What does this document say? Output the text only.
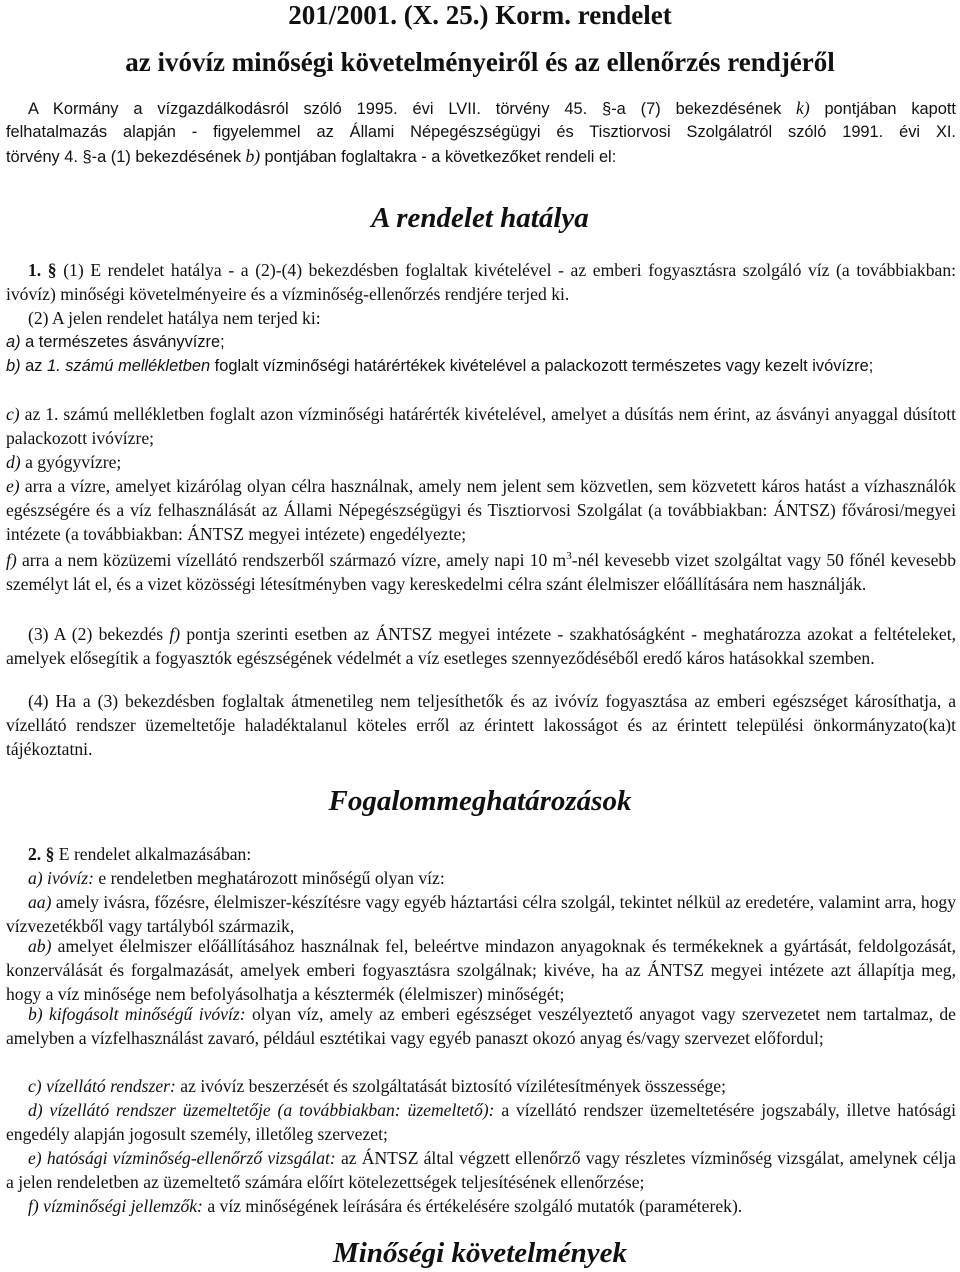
201/2001. (X. 25.) Korm. rendelet
az ivóvíz minőségi követelményeiről és az ellenőrzés rendjéről
A Kormány a vízgazdálkodásról szóló 1995. évi LVII. törvény 45. §-a (7) bekezdésének k) pontjában kapott
felhatalmazás alapján - figyelemmel az Állami Népegészségügyi és Tisztiorvosi Szolgálatról szóló 1991. évi XI.
törvény 4. §-a (1) bekezdésének b) pontjában foglaltakra - a következőket rendeli el:
A rendelet hatálya
1. § (1) E rendelet hatálya - a (2)-(4) bekezdésben foglaltak kivételével - az emberi fogyasztásra szolgáló víz (a továbbiakban: ivóvíz) minőségi követelményeire és a vízminőség-ellenőrzés rendjére terjed ki.
(2) A jelen rendelet hatálya nem terjed ki:
a) a természetes ásványvízre;
b) az 1. számú mellékletben foglalt vízminőségi határértékek kivételével a palackozott természetes vagy kezelt ivóvízre;
c) az 1. számú mellékletben foglalt azon vízminőségi határérték kivételével, amelyet a dúsítás nem érint, az ásványi anyaggal dúsított palackozott ivóvízre;
d) a gyógyvízre;
e) arra a vízre, amelyet kizárólag olyan célra használnak, amely nem jelent sem közvetlen, sem közvetett káros hatást a vízhasználók egészségére és a víz felhasználását az Állami Népegészségügyi és Tisztiorvosi Szolgálat (a továbbiakban: ÁNTSZ) fővárosi/megyei intézete (a továbbiakban: ÁNTSZ megyei intézete) engedélyezte;
f) arra a nem közüzemi vízellátó rendszerből származó vízre, amely napi 10 $m^3$-nél kevesebb vizet szolgáltat vagy 50 főnél kevesebb személyt lát el, és a vizet közösségi létesítményben vagy kereskedelmi célra szánt élelmiszer előállítására nem használják.
(3) A (2) bekezdés f) pontja szerinti esetben az ÁNTSZ megyei intézete - szakhatóságként - meghatározza azokat a feltételeket, amelyek elősegítik a fogyasztók egészségének védelmét a víz esetleges szennyeződéséből eredő káros hatásokkal szemben.
(4) Ha a (3) bekezdésben foglaltak átmenetileg nem teljesíthetők és az ivóvíz fogyasztása az emberi egészséget károsíthatja, a vízellátó rendszer üzemeltetője haladéktalanul köteles erről az érintett lakosságot és az érintett települési önkormányzato(ka)t tájékoztatni.
Fogalommeghatározások
2. § E rendelet alkalmazásában:
a) ivóvíz: e rendeletben meghatározott minőségű olyan víz:
aa) amely ivásra, főzésre, élelmiszer-készítésre vagy egyéb háztartási célra szolgál, tekintet nélkül az eredetére, valamint arra, hogy vízvezetékből vagy tartályból származik,
ab) amelyet élelmiszer előállításához használnak fel, beleértve mindazon anyagoknak és termékeknek a gyártását, feldolgozását, konzerválását és forgalmazását, amelyek emberi fogyasztásra szolgálnak; kivéve, ha az ÁNTSZ megyei intézete azt állapítja meg, hogy a víz minősége nem befolyásolhatja a késztermék (élelmiszer) minőségét;
b) kifogásolt minőségű ivóvíz: olyan víz, amely az emberi egészséget veszélyeztető anyagot vagy szervezetet nem tartalmaz, de amelyben a vízfelhasználást zavaró, például esztétikai vagy egyéb panaszt okozó anyag és/vagy szervezet előfordul;
c) vízellátó rendszer: az ivóvíz beszerzését és szolgáltatását biztosító vízilétesítmények összessége;
d) vízellátó rendszer üzemeltetője (a továbbiakban: üzemeltető): a vízellátó rendszer üzemeltetésére jogszabály, illetve hatósági engedély alapján jogosult személy, illetőleg szervezet;
e) hatósági vízminőség-ellenőrző vizsgálat: az ÁNTSZ által végzett ellenőrző vagy részletes vízminőség vizsgálat, amelynek célja a jelen rendeletben az üzemeltető számára előírt kötelezettségek teljesítésének ellenőrzése;
f) vízminőségi jellemzők: a víz minőségének leírására és értékelésére szolgáló mutatók (paraméterek).
Minőségi követelmények
